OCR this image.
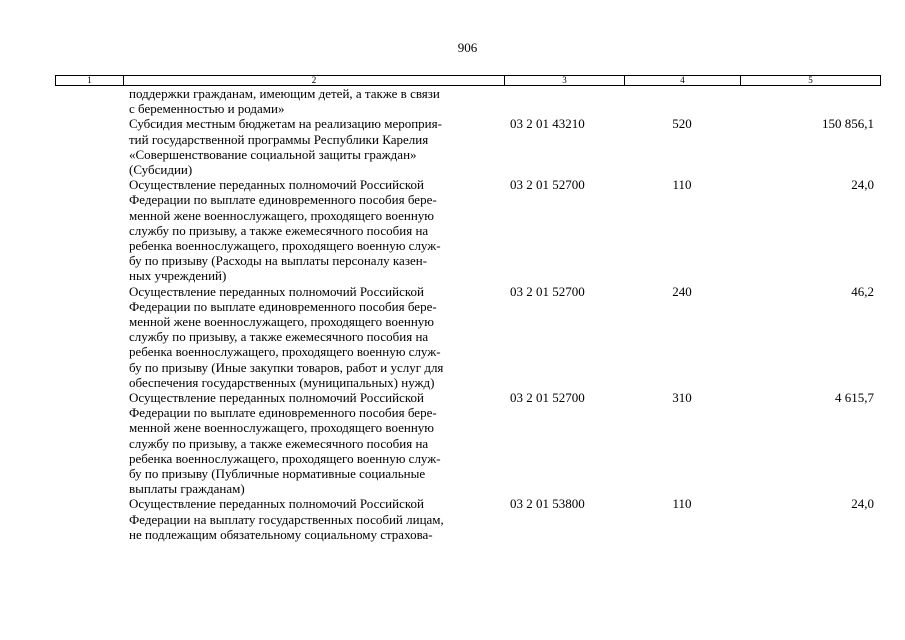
906
1	2	3	4	5
поддержки гражданам, имеющим детей, а также в связи
с беременностью и родами»
Субсидия местным бюджетам на реализацию мероприя-
тий государственной программы Республики Карелия
«Совершенствование социальной защиты граждан»
(Субсидии)
03 2 01 43210	520	150 856,1
Осуществление переданных полномочий Российской
Федерации по выплате единовременного пособия бере-
менной жене военнослужащего, проходящего военную
службу по призыву, а также ежемесячного пособия на
ребенка военнослужащего, проходящего военную служ-
бу по призыву (Расходы на выплаты персоналу казен-
ных учреждений)
03 2 01 52700	110	24,0
Осуществление переданных полномочий Российской
Федерации по выплате единовременного пособия бере-
менной жене военнослужащего, проходящего военную
службу по призыву, а также ежемесячного пособия на
ребенка военнослужащего, проходящего военную служ-
бу по призыву (Иные закупки товаров, работ и услуг для
обеспечения государственных (муниципальных) нужд)
03 2 01 52700	240	46,2
Осуществление переданных полномочий Российской
Федерации по выплате единовременного пособия бере-
менной жене военнослужащего, проходящего военную
службу по призыву, а также ежемесячного пособия на
ребенка военнослужащего, проходящего военную служ-
бу по призыву (Публичные нормативные социальные
выплаты гражданам)
03 2 01 52700	310	4 615,7
Осуществление переданных полномочий Российской
Федерации на выплату государственных пособий лицам,
не подлежащим обязательному социальному страхова-
03 2 01 53800	110	24,0
